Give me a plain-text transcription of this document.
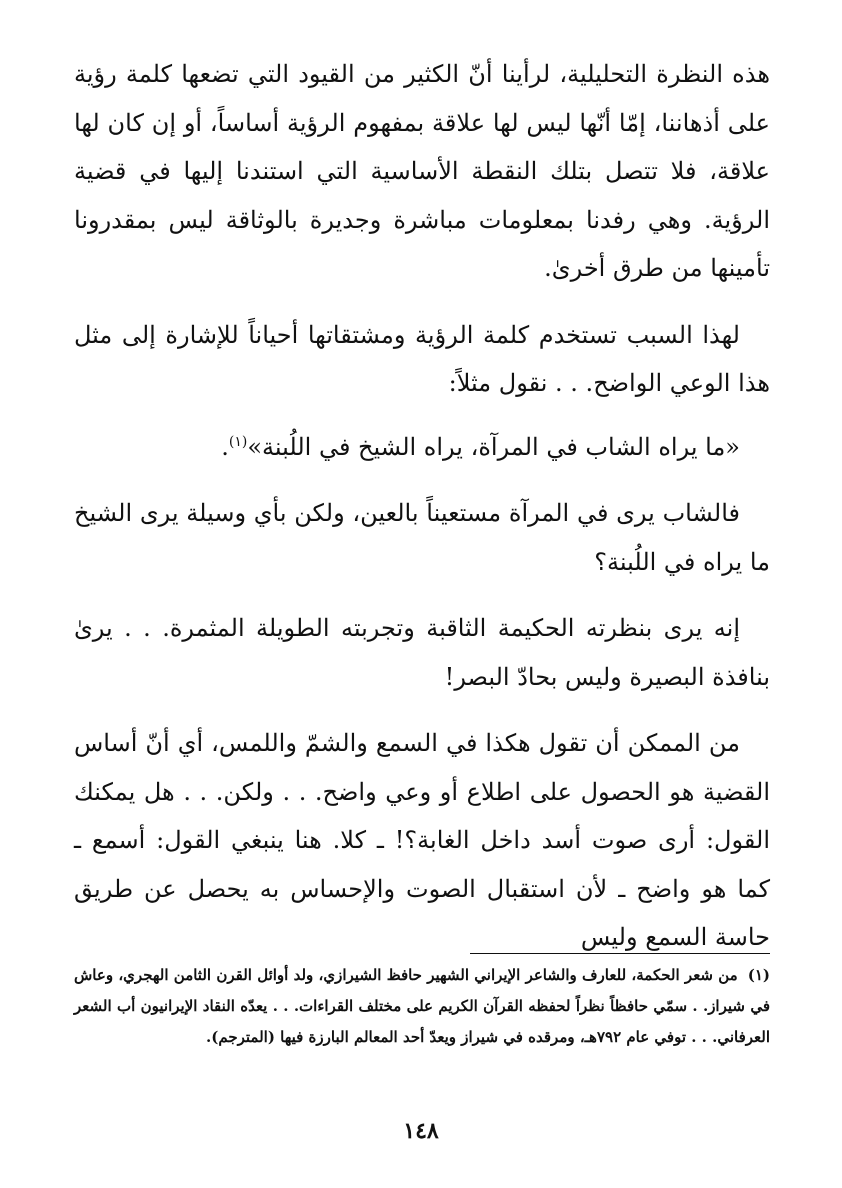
هذه النظرة التحليلية، لرأينا أنّ الكثير من القيود التي تضعها كلمة رؤية على أذهاننا، إمّا أنّها ليس لها علاقة بمفهوم الرؤية أساساً، أو إن كان لها علاقة، فلا تتصل بتلك النقطة الأساسية التي استندنا إليها في قضية الرؤية. وهي رفدنا بمعلومات مباشرة وجديرة بالوثاقة ليس بمقدرونا تأمينها من طرق أخرىٰ.

لهذا السبب تستخدم كلمة الرؤية ومشتقاتها أحياناً للإشارة إلى مثل هذا الوعي الواضح. . . نقول مثلاً:

«ما يراه الشاب في المرآة، يراه الشيخ في اللُبنة»$^{(١)}$.

فالشاب يرى في المرآة مستعيناً بالعين، ولكن بأي وسيلة يرى الشيخ ما يراه في اللُبنة؟

إنه يرى بنظرته الحكيمة الثاقبة وتجربته الطويلة المثمرة. . . يرىٰ بنافذة البصيرة وليس بحادّ البصر!

من الممكن أن تقول هكذا في السمع والشمّ واللمس، أي أنّ أساس القضية هو الحصول على اطلاع أو وعي واضح. . . ولكن. . . هل يمكنك القول: أرى صوت أسد داخل الغابة؟! ـ كلا. هنا ينبغي القول: أسمع ـ كما هو واضح ـ لأن استقبال الصوت والإحساس به يحصل عن طريق حاسة السمع وليس

(١)من شعر الحكمة، للعارف والشاعر الإيراني الشهير حافظ الشيرازي، ولد أوائل القرن الثامن الهجري، وعاش في شيراز. . سمّي حافظاً نظراً لحفظه القرآن الكريم على مختلف القراءات. . . يعدّه النقاد الإيرانيون أب الشعر العرفاني. . . توفي عام ٧٩٢هـ، ومرقده في شيراز ويعدّ أحد المعالم البارزة فيها (المترجم).
١٤٨
